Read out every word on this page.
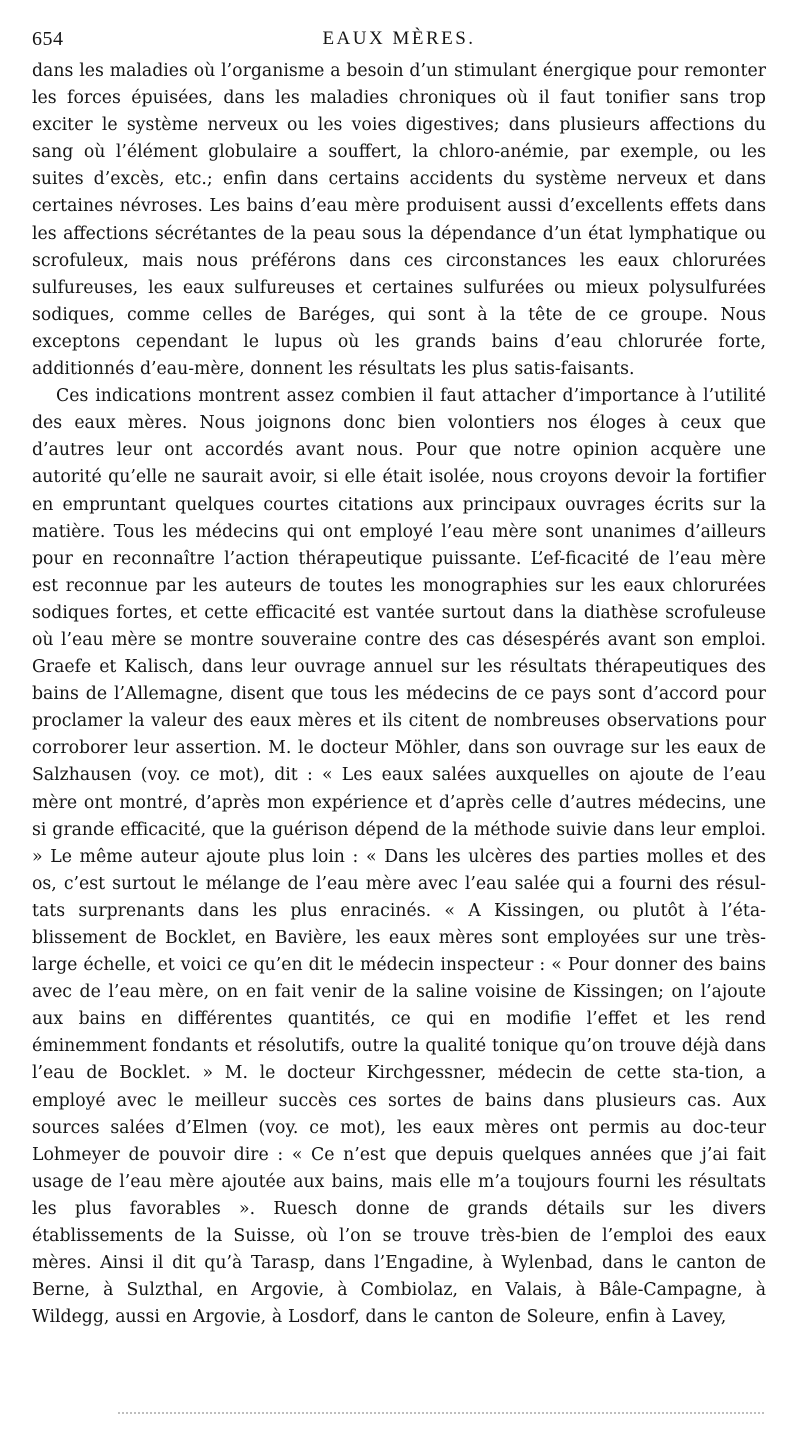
654	EAUX MÈRES.

dans les maladies où l’organisme a besoin d’un stimulant énergique pour remonter les forces épuisées, dans les maladies chroniques où il faut tonifier sans trop exciter le système nerveux ou les voies digestives; dans plusieurs affections du sang où l’élément globulaire a souffert, la chloro-anémie, par exemple, ou les suites d’excès, etc.; enfin dans certains accidents du système nerveux et dans certaines névroses. Les bains d’eau mère produisent aussi d’excellents effets dans les affections sécrétantes de la peau sous la dépendance d’un état lymphatique ou scrofuleux, mais nous préférons dans ces circonstances les eaux chlorurées sulfureuses, les eaux sulfureuses et certaines sulfurées ou mieux polysulfurées sodiques, comme celles de Baréges, qui sont à la tête de ce groupe. Nous exceptons cependant le lupus où les grands bains d’eau chlorurée forte, additionnés d’eau-mère, donnent les résultats les plus satis-faisants.

Ces indications montrent assez combien il faut attacher d’importance à l’utilité des eaux mères. Nous joignons donc bien volontiers nos éloges à ceux que d’autres leur ont accordés avant nous. Pour que notre opinion acquère une autorité qu’elle ne saurait avoir, si elle était isolée, nous croyons devoir la fortifier en empruntant quelques courtes citations aux principaux ouvrages écrits sur la matière. Tous les médecins qui ont employé l’eau mère sont unanimes d’ailleurs pour en reconnaître l’action thérapeutique puissante. L’ef-ficacité de l’eau mère est reconnue par les auteurs de toutes les monographies sur les eaux chlorurées sodiques fortes, et cette efficacité est vantée surtout dans la diathèse scrofuleuse où l’eau mère se montre souveraine contre des cas désespérés avant son emploi. Graefe et Kalisch, dans leur ouvrage annuel sur les résultats thérapeutiques des bains de l’Allemagne, disent que tous les médecins de ce pays sont d’accord pour proclamer la valeur des eaux mères et ils citent de nombreuses observations pour corroborer leur assertion. M. le docteur Möhler, dans son ouvrage sur les eaux de Salzhausen (voy. ce mot), dit : « Les eaux salées auxquelles on ajoute de l’eau mère ont montré, d’après mon expérience et d’après celle d’autres médecins, une si grande efficacité, que la guérison dépend de la méthode suivie dans leur emploi. » Le même auteur ajoute plus loin : « Dans les ulcères des parties molles et des os, c’est surtout le mélange de l’eau mère avec l’eau salée qui a fourni des résul-tats surprenants dans les plus enracinés. « A Kissingen, ou plutôt à l’éta-blissement de Bocklet, en Bavière, les eaux mères sont employées sur une très-large échelle, et voici ce qu’en dit le médecin inspecteur : « Pour donner des bains avec de l’eau mère, on en fait venir de la saline voisine de Kissingen; on l’ajoute aux bains en différentes quantités, ce qui en modifie l’effet et les rend éminemment fondants et résolutifs, outre la qualité tonique qu’on trouve déjà dans l’eau de Bocklet. » M. le docteur Kirchgessner, médecin de cette sta-tion, a employé avec le meilleur succès ces sortes de bains dans plusieurs cas. Aux sources salées d’Elmen (voy. ce mot), les eaux mères ont permis au doc-teur Lohmeyer de pouvoir dire : « Ce n’est que depuis quelques années que j’ai fait usage de l’eau mère ajoutée aux bains, mais elle m’a toujours fourni les résultats les plus favorables ». Ruesch donne de grands détails sur les divers établissements de la Suisse, où l’on se trouve très-bien de l’emploi des eaux mères. Ainsi il dit qu’à Tarasp, dans l’Engadine, à Wylenbad, dans le canton de Berne, à Sulzthal, en Argovie, à Combiolaz, en Valais, à Bâle-Campagne, à Wildegg, aussi en Argovie, à Losdorf, dans le canton de Soleure, enfin à Lavey,
